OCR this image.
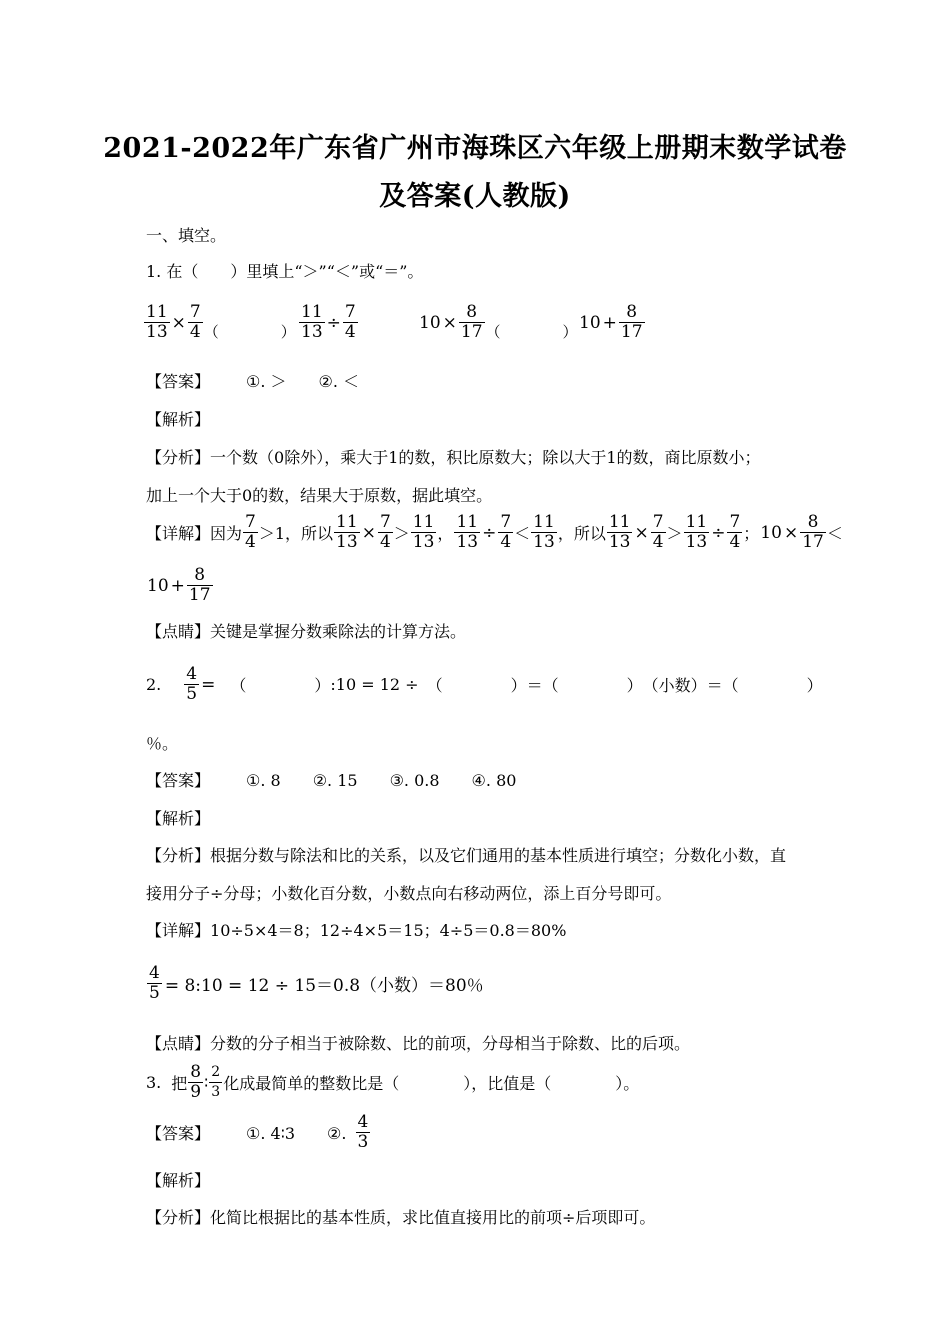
2021-2022年广东省广州市海珠区六年级上册期末数学试卷
及答案(人教版)
一、填空。
1. 在（　　）里填上“＞”“＜”或“＝”。
$\frac{11}{13} \times \frac{7}{4}$ （	） $\frac{11}{13} \div \frac{7}{4}$	$10 \times \frac{8}{17}$ （	） $10 + \frac{8}{17}$
【答案】 ①. ＞　　②. ＜
【解析】
【分析】一个数（0除外），乘大于1的数，积比原数大；除以大于1的数，商比原数小；
加上一个大于0的数，结果大于原数，据此填空。
【详解】 因为 $\frac{7}{4} >1$，所以 $\frac{11}{13} \times \frac{7}{4} > \frac{11}{13}$ ， $\frac{11}{13} \div \frac{7}{4} < \frac{11}{13}$ ，所以 $\frac{11}{13} \times \frac{7}{4} > \frac{11}{13} \div \frac{7}{4}$ ； $10 \times \frac{8}{17}$ ＜
$10 + \frac{8}{17}$
【点睛】关键是掌握分数乘除法的计算方法。
2. $\frac{4}{5}$ = （	） :10 = 12 ÷ （	） ＝ （	） （小数）＝ （	）
％。
【答案】 ①. 8　　②. 15　　③. 0.8　　④. 80
【解析】
【分析】根据分数与除法和比的关系，以及它们通用的基本性质进行填空；分数化小数，直
接用分子÷分母；小数化百分数，小数点向右移动两位，添上百分号即可。
【详解】10÷5×4＝8；12÷4×5＝15；4÷5＝0.8＝80%
$\frac{4}{5}$ = 8:10 = 12 ÷ 15＝0.8（小数）＝80％
【点睛】分数的分子相当于被除数、比的前项，分母相当于除数、比的后项。
3. 把 $\frac{8}{9}$ ∶ $\frac{2}{3}$ 化成最简单的整数比是（　　　　），比值是（　　　　）。
【答案】 ①. 4∶3　　②. $\frac{4}{3}$
【解析】
【分析】化简比根据比的基本性质，求比值直接用比的前项÷后项即可。
